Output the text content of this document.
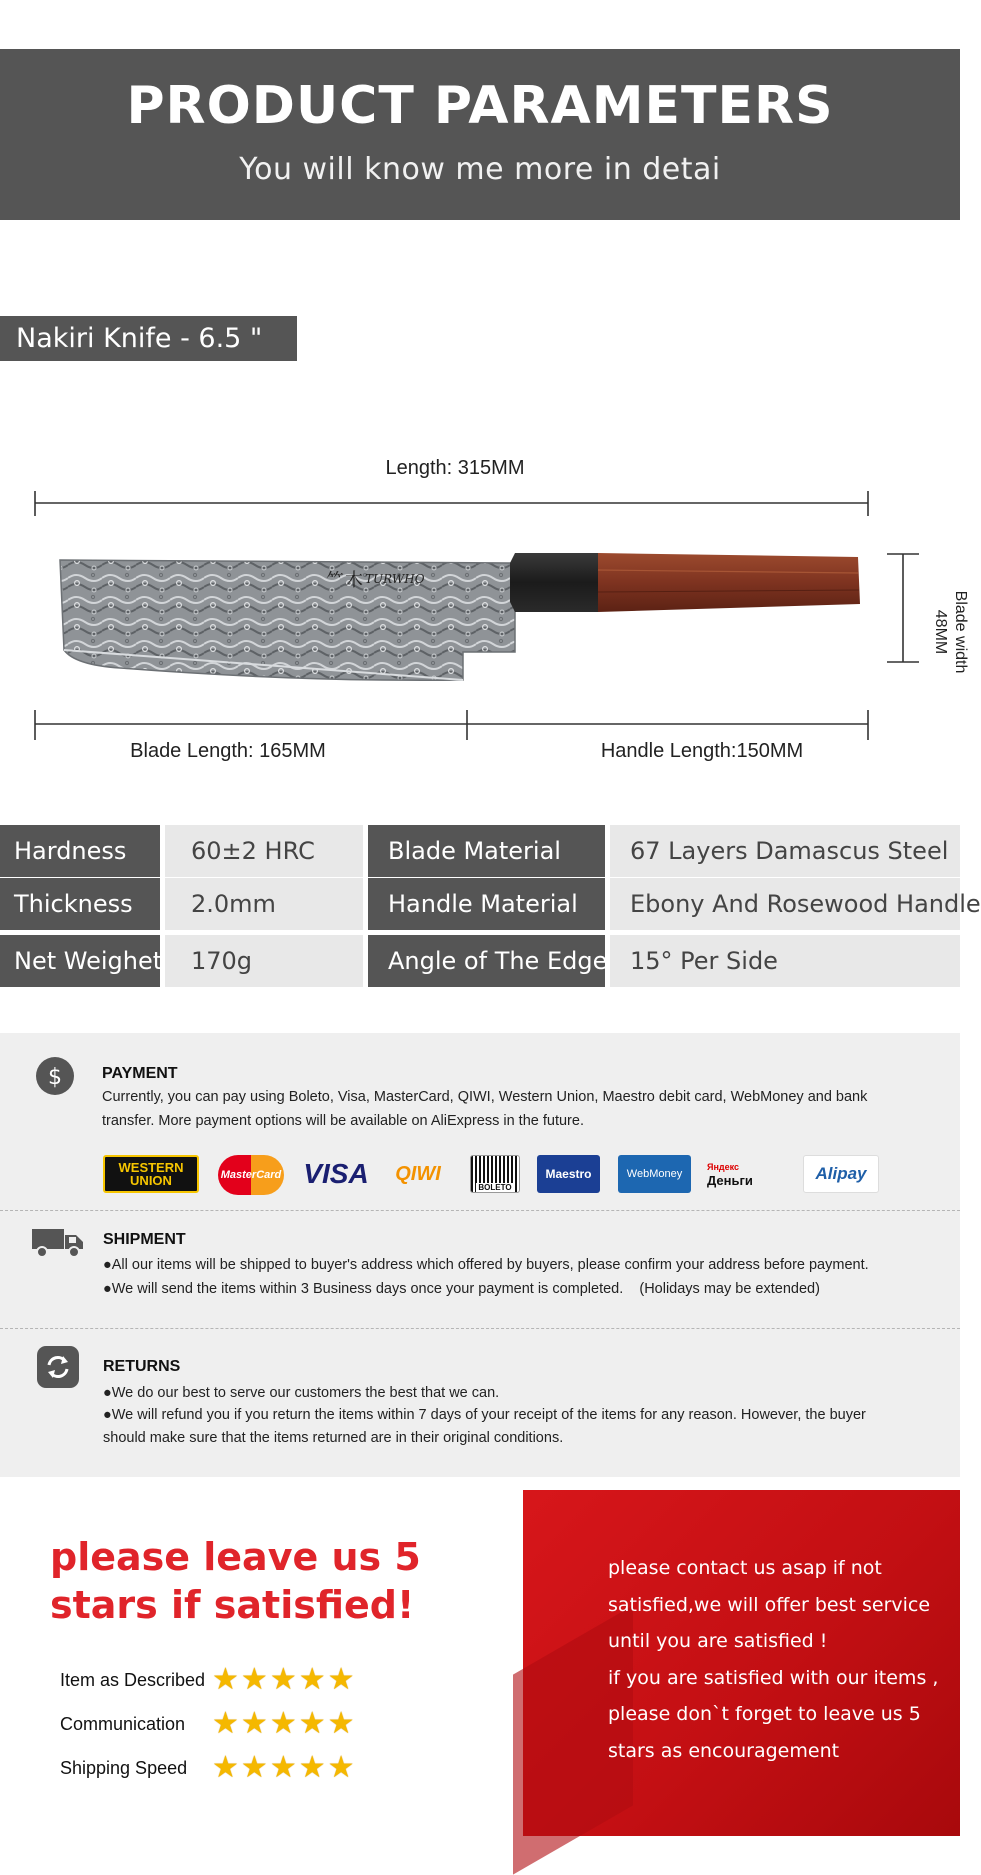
PRODUCT PARAMETERS
You will know me more in detai
Nakiri Knife - 6.5 "
TURWHO
⺮ 木
Length: 315MM
Blade Length: 165MM	Handle Length:150MM
Blade width
48MM
Hardness	60±2 HRC	Blade Material	67 Layers Damascus Steel
Thickness	2.0mm	Handle Material	Ebony And Rosewood Handle
Net Weighet	170g	Angle of The Edge 15° Per Side
$	PAYMENT
Currently, you can pay using Boleto, Visa, MasterCard, QIWI, Western Union, Maestro debit card, WebMoney and bank
transfer. More payment options will be available on AliExpress in the future.
WESTERN
UNION	MasterCard VISA	QIWI
BOLETO
Maestro	WebMoney
Яндекс
Деньги	Alipay
SHIPMENT
●All our items will be shipped to buyer's address which offered by buyers, please confirm your address before payment.
●We will send the items within 3 Business days once your payment is completed.    (Holidays may be extended)
RETURNS
●We do our best to serve our customers the best that we can.
●We will refund you if you return the items within 7 days of your receipt of the items for any reason. However, the buyer
should make sure that the items returned are in their original conditions.
please leave us 5
stars if satisfied!
Item as Described ★ ★ ★ ★ ★
Communication ★ ★ ★ ★ ★
Shipping Speed ★ ★ ★ ★ ★
please contact us asap if not
satisfied,we will offer best service
until you are satisfied !
if you are satisfied with our items ,
please don`t forget to leave us 5
stars as encouragement
